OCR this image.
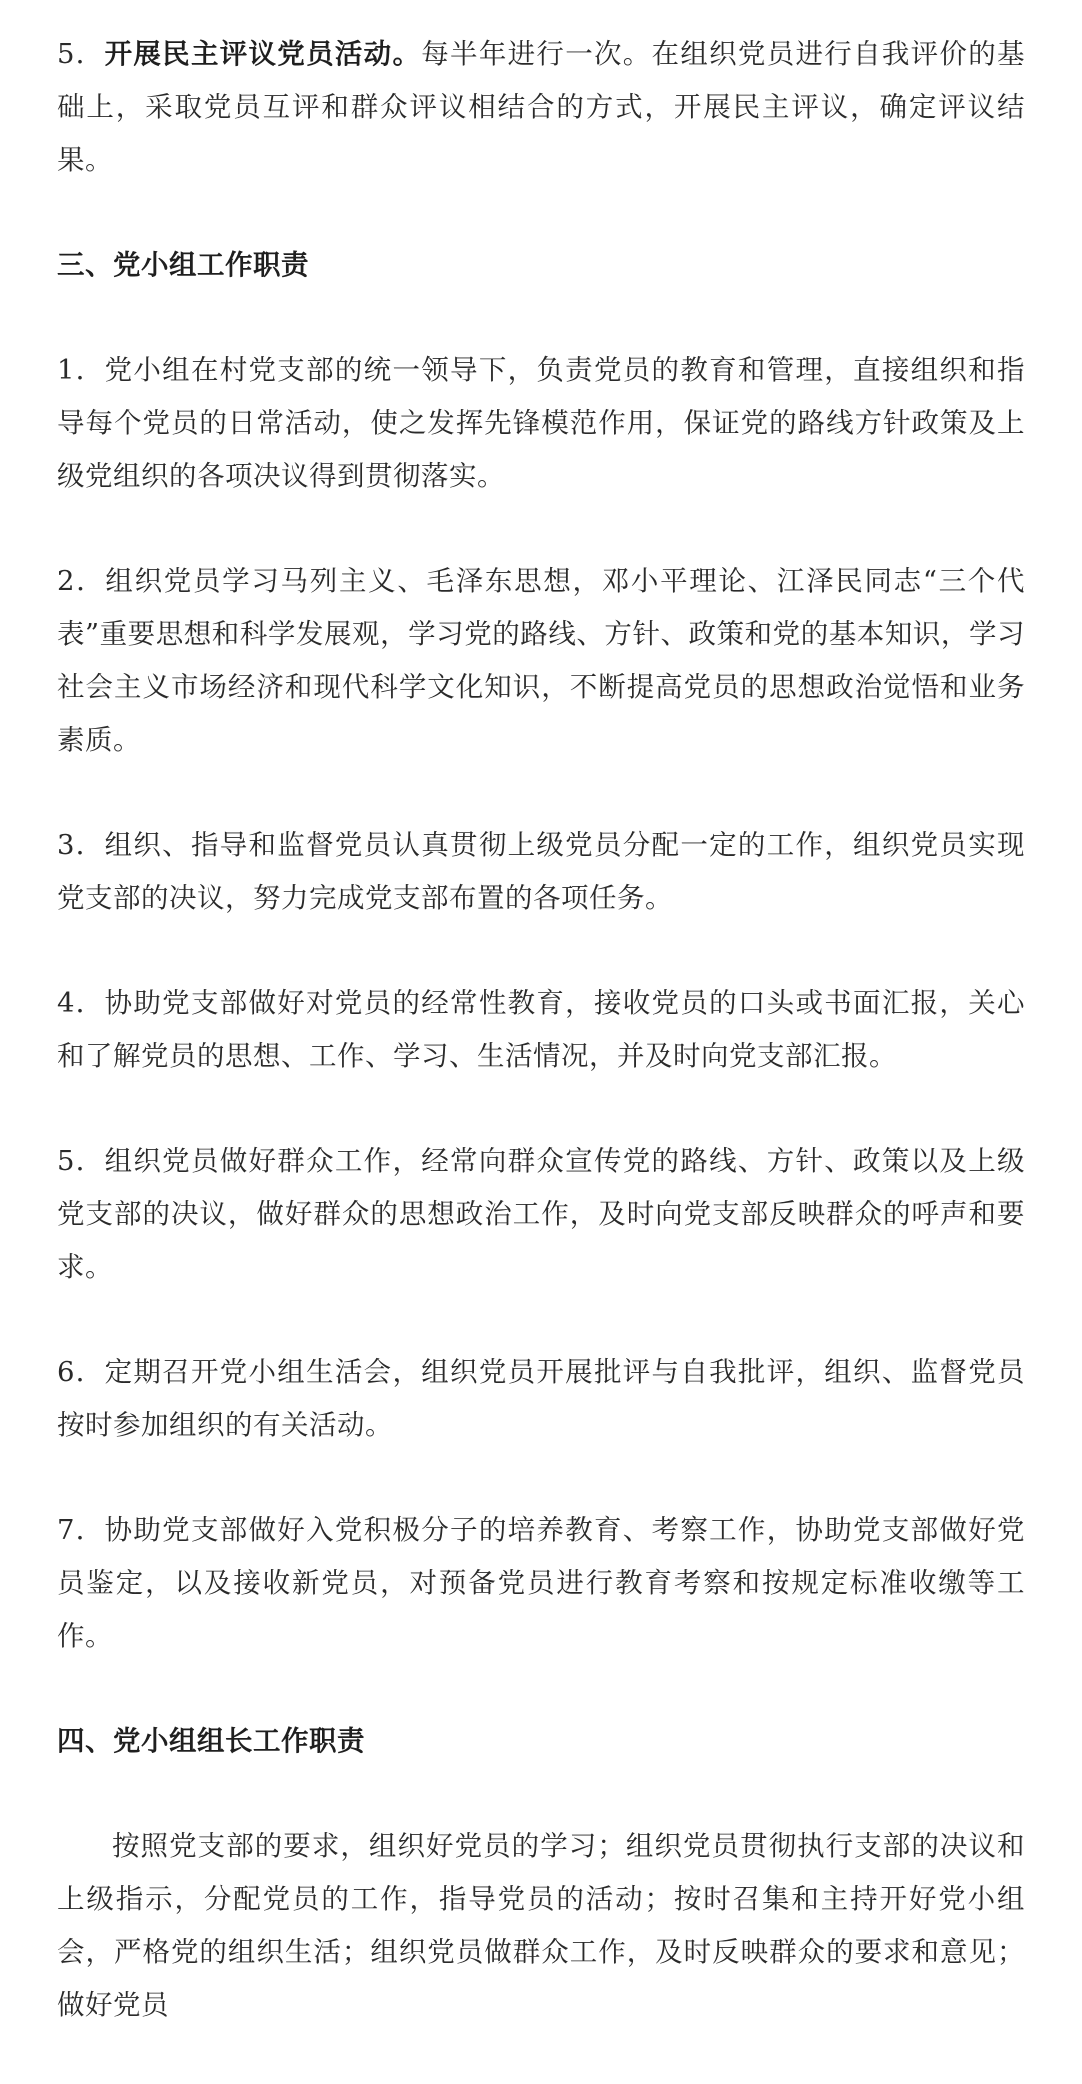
5．开展民主评议党员活动。每半年进行一次。在组织党员进行自我评价的基础上，采取党员互评和群众评议相结合的方式，开展民主评议，确定评议结果。

三、党小组工作职责

1．党小组在村党支部的统一领导下，负责党员的教育和管理，直接组织和指导每个党员的日常活动，使之发挥先锋模范作用，保证党的路线方针政策及上级党组织的各项决议得到贯彻落实。

2．组织党员学习马列主义、毛泽东思想，邓小平理论、江泽民同志“三个代表”重要思想和科学发展观，学习党的路线、方针、政策和党的基本知识，学习社会主义市场经济和现代科学文化知识，不断提高党员的思想政治觉悟和业务素质。

3．组织、指导和监督党员认真贯彻上级党员分配一定的工作，组织党员实现党支部的决议，努力完成党支部布置的各项任务。

4．协助党支部做好对党员的经常性教育，接收党员的口头或书面汇报，关心和了解党员的思想、工作、学习、生活情况，并及时向党支部汇报。

5．组织党员做好群众工作，经常向群众宣传党的路线、方针、政策以及上级党支部的决议，做好群众的思想政治工作，及时向党支部反映群众的呼声和要求。

6．定期召开党小组生活会，组织党员开展批评与自我批评，组织、监督党员按时参加组织的有关活动。

7．协助党支部做好入党积极分子的培养教育、考察工作，协助党支部做好党员鉴定，以及接收新党员，对预备党员进行教育考察和按规定标准收缴等工作。

四、党小组组长工作职责

按照党支部的要求，组织好党员的学习；组织党员贯彻执行支部的决议和上级指示，分配党员的工作，指导党员的活动；按时召集和主持开好党小组会，严格党的组织生活；组织党员做群众工作，及时反映群众的要求和意见；做好党员
